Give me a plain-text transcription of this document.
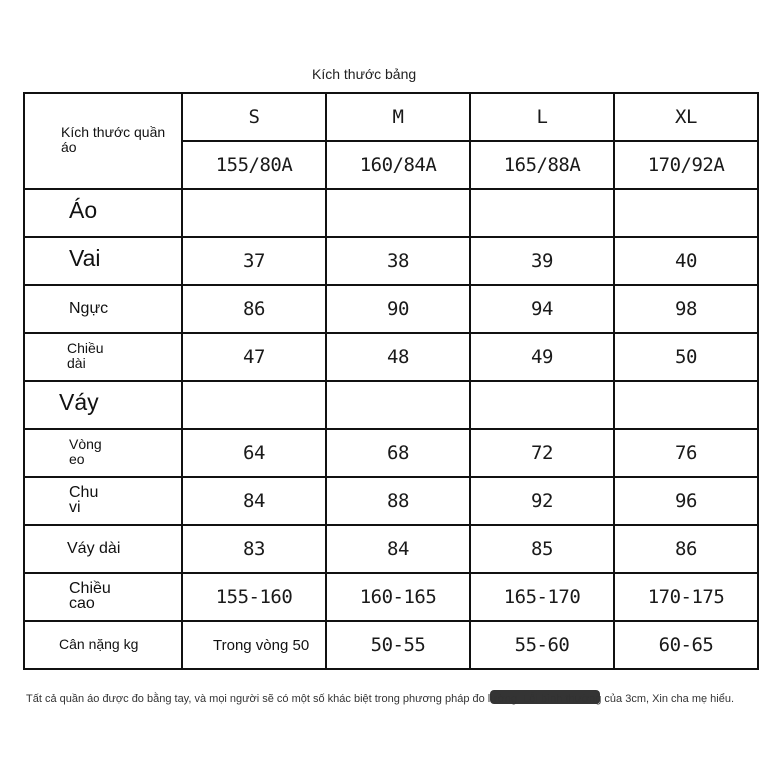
Kích thước bảng
Kích thước quần áo	S	M	L	XL
	155/80A	160/84A	165/88A	170/92A
Áo				
Vai	37	38	39	40
Ngực	86	90	94	98
Chiều dài	47	48	49	50
Váy				
Vòng eo	64	68	72	76
Chu vi	84	88	92	96
Váy dài	83	84	85	86
Chiều cao	155-160	160-165	165-170	170-175
Cân nặng kg	Trong vòng 50	50-55	55-60	60-65
Tất cả quần áo được đo bằng tay, và mọi người sẽ có một số khác biệt trong phương pháp đo lường. Lỗi bình thường của 3cm, Xin cha mẹ hiểu.
